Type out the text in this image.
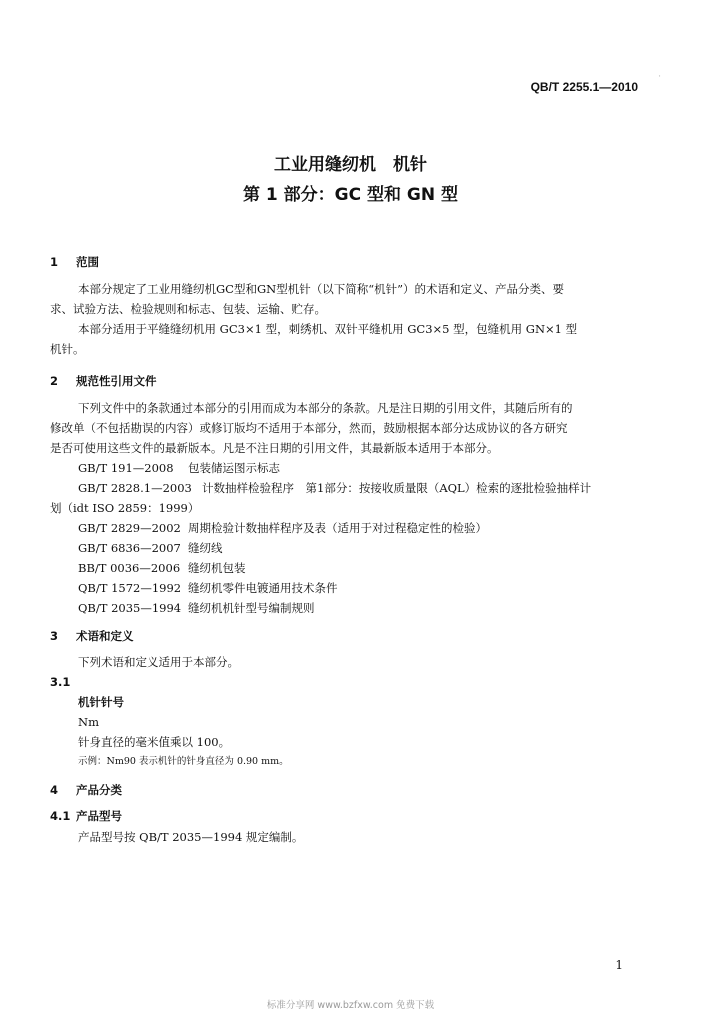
·
QB/T 2255.1—2010
工业用缝纫机　机针
第 1 部分：GC 型和 GN 型
1 范围
本部分规定了工业用缝纫机GC型和GN型机针（以下简称“机针”）的术语和定义、产品分类、要
求、试验方法、检验规则和标志、包装、运输、贮存。
本部分适用于平缝缝纫机用 GC3×1 型，刺绣机、双针平缝机用 GC3×5 型，包缝机用 GN×1 型
机针。
2 规范性引用文件
下列文件中的条款通过本部分的引用而成为本部分的条款。凡是注日期的引用文件，其随后所有的
修改单（不包括勘误的内容）或修订版均不适用于本部分，然而，鼓励根据本部分达成协议的各方研究
是否可使用这些文件的最新版本。凡是不注日期的引用文件，其最新版本适用于本部分。
GB/T 191—2008 包装储运图示标志
GB/T 2828.1—2003 计数抽样检验程序　第1部分：按接收质量限（AQL）检索的逐批检验抽样计
划（idt ISO 2859：1999）
GB/T 2829—2002 周期检验计数抽样程序及表（适用于对过程稳定性的检验）
GB/T 6836—2007 缝纫线
BB/T 0036—2006 缝纫机包装
QB/T 1572—1992 缝纫机零件电镀通用技术条件
QB/T 2035—1994 缝纫机机针型号编制规则
3 术语和定义
下列术语和定义适用于本部分。
3.1
机针针号
Nm
针身直径的毫米值乘以 100。
示例：Nm90 表示机针的针身直径为 0.90 mm。
4 产品分类
4.1 产品型号
产品型号按 QB/T 2035—1994 规定编制。
1
标准分享网 www.bzfxw.com 免费下载
